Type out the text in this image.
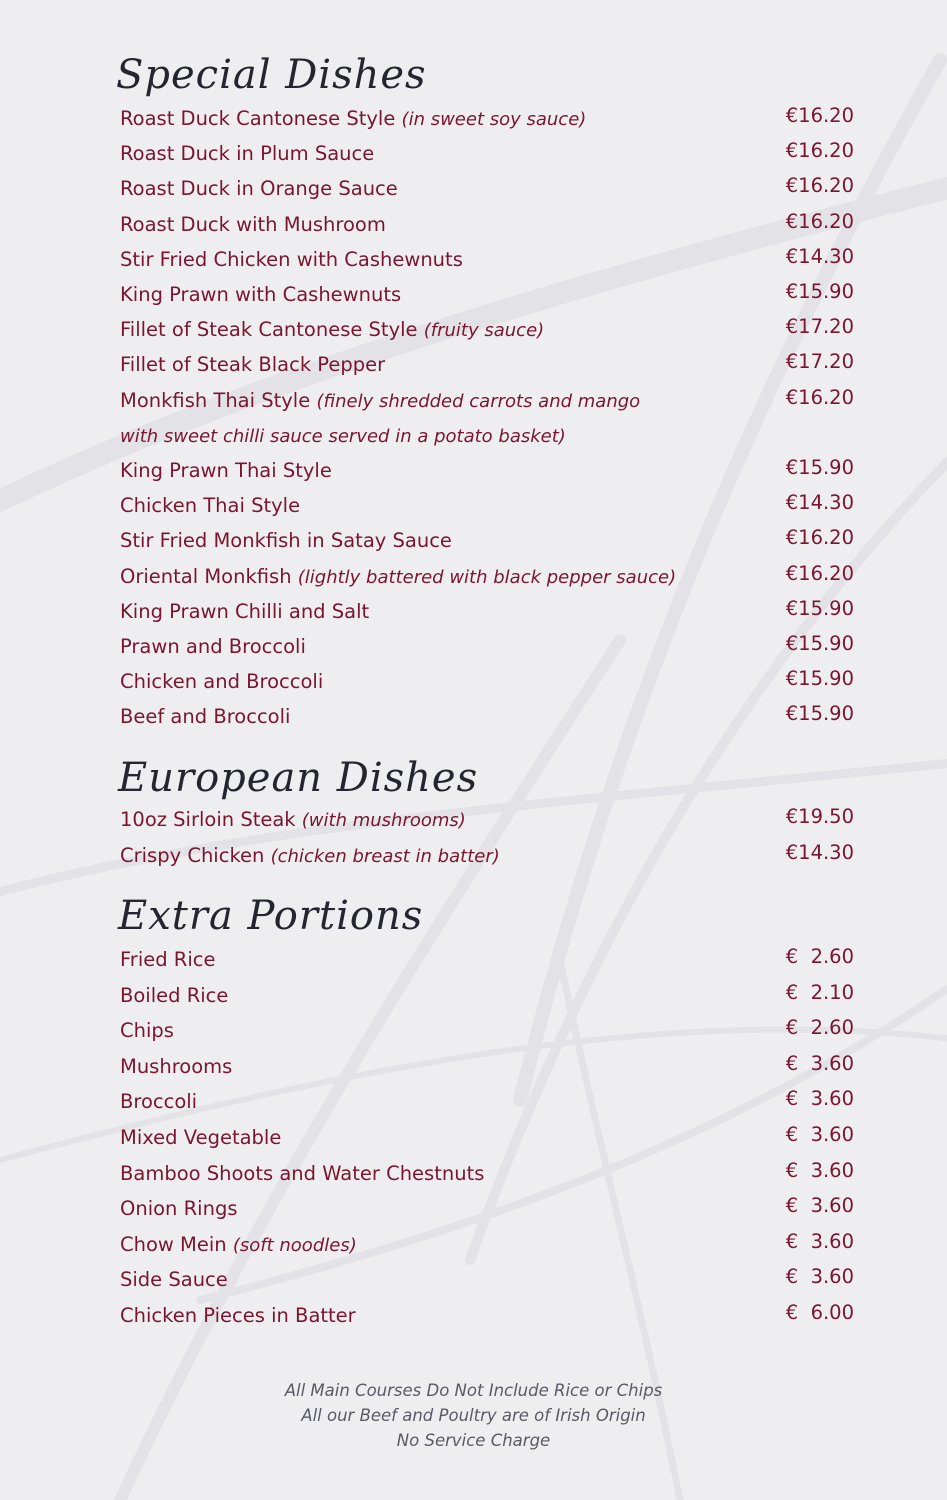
Special Dishes
Roast Duck Cantonese Style (in sweet soy sauce)	€16.20
Roast Duck in Plum Sauce	€16.20
Roast Duck in Orange Sauce	€16.20
Roast Duck with Mushroom	€16.20
Stir Fried Chicken with Cashewnuts	€14.30
King Prawn with Cashewnuts	€15.90
Fillet of Steak Cantonese Style (fruity sauce)	€17.20
Fillet of Steak Black Pepper	€17.20
Monkfish Thai Style (finely shredded carrots and mango	€16.20
with sweet chilli sauce served in a potato basket)
King Prawn Thai Style	€15.90
Chicken Thai Style	€14.30
Stir Fried Monkfish in Satay Sauce	€16.20
Oriental Monkfish (lightly battered with black pepper sauce)	€16.20
King Prawn Chilli and Salt	€15.90
Prawn and Broccoli	€15.90
Chicken and Broccoli	€15.90
Beef and Broccoli	€15.90
European Dishes
10oz Sirloin Steak (with mushrooms)	€19.50
Crispy Chicken (chicken breast in batter)	€14.30
Extra Portions
Fried Rice	€  2.60
Boiled Rice	€  2.10
Chips	€  2.60
Mushrooms	€  3.60
Broccoli	€  3.60
Mixed Vegetable	€  3.60
Bamboo Shoots and Water Chestnuts	€  3.60
Onion Rings	€  3.60
Chow Mein (soft noodles)	€  3.60
Side Sauce	€  3.60
Chicken Pieces in Batter	€  6.00
All Main Courses Do Not Include Rice or Chips
All our Beef and Poultry are of Irish Origin
No Service Charge
